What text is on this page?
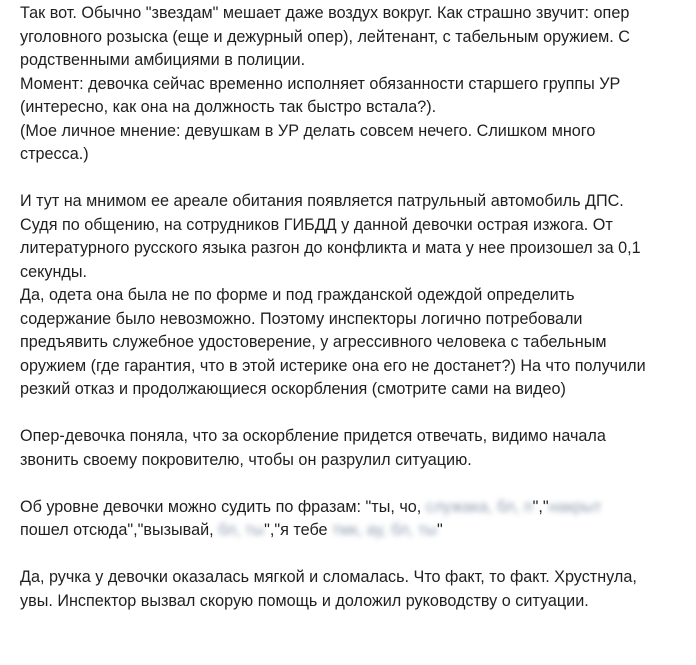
Так вот. Обычно "звездам" мешает даже воздух вокруг. Как страшно звучит: опер
уголовного розыска (еще и дежурный опер), лейтенант, с табельным оружием. С
родственными амбициями в полиции.
Момент: девочка сейчас временно исполняет обязанности старшего группы УР
(интересно, как она на должность так быстро встала?).
(Мое личное мнение: девушкам в УР делать совсем нечего. Слишком много
стресса.)
И тут на мнимом ее ареале обитания появляется патрульный автомобиль ДПС.
Судя по общению, на сотрудников ГИБДД у данной девочки острая изжога. От
литературного русского языка разгон до конфликта и мата у нее произошел за 0,1
секунды.
Да, одета она была не по форме и под гражданской одеждой определить
содержание было невозможно. Поэтому инспекторы логично потребовали
предъявить служебное удостоверение, у агрессивного человека с табельным
оружием (где гарантия, что в этой истерике она его не достанет?) На что получили
резкий отказ и продолжающиеся оскорбления (смотрите сами на видео)
Опер-девочка поняла, что за оскорбление придется отвечать, видимо начала
звонить своему покровителю, чтобы он разрулил ситуацию.
Об уровне девочки можно судить по фразам: "ты, чо, служака, бл, п","накрыт
пошел отсюда","вызывай, бл, ты","я тебе тмк, ау, бл, ты"
Да, ручка у девочки оказалась мягкой и сломалась. Что факт, то факт. Хрустнула,
увы. Инспектор вызвал скорую помощь и доложил руководству о ситуации.
